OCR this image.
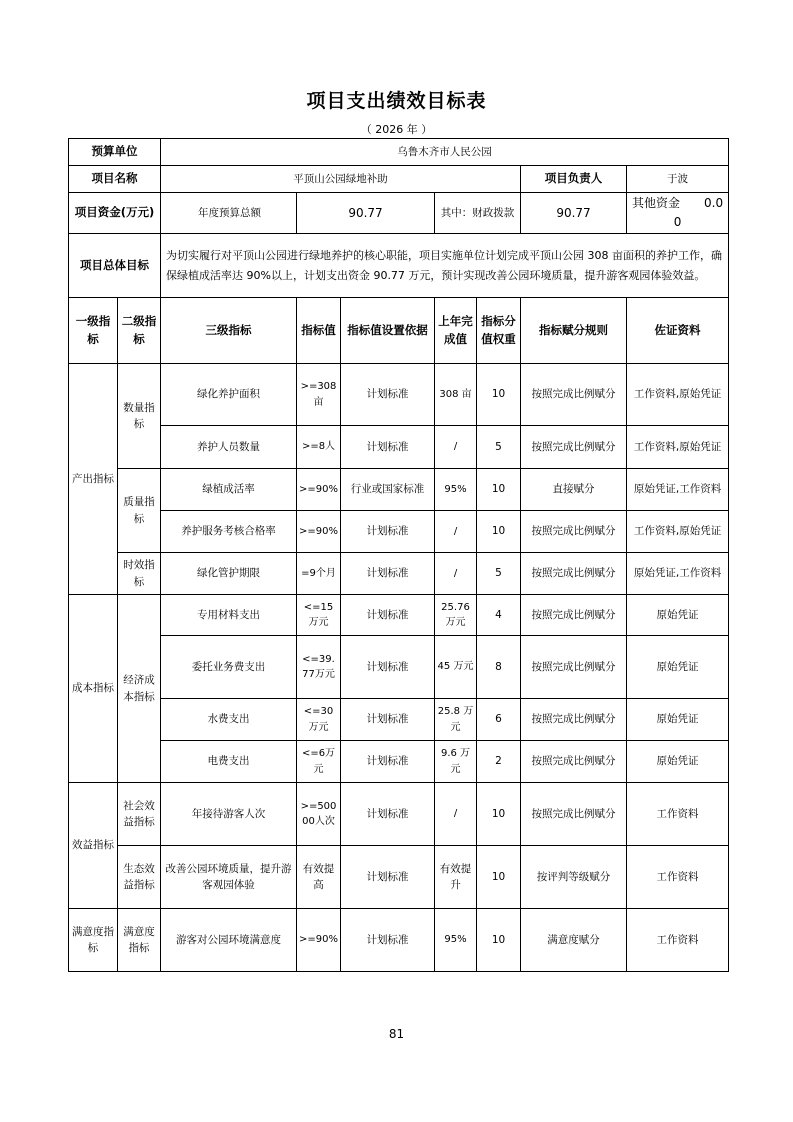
项目支出绩效目标表
（ 2026 年 ）
预算单位		乌鲁木齐市人民公园						
项目名称		平顶山公园绿地补助					项目负责人	于波
项目资金(万元)		年度预算总额	90.77		其中：财政拨款		90.77	其他资金   0.00
项目总体目标		为切实履行对平顶山公园进行绿地养护的核心职能，项目实施单位计划完成平顶山公园 308 亩面积的养护工作，确保绿植成活率达 90%以上，计划支出资金 90.77 万元，预计实现改善公园环境质量，提升游客观园体验效益。						
一级指标	二级指标	三级指标	指标值	指标值设置依据	上年完成值	指标分值权重	指标赋分规则	佐证资料
产出指标	数量指标	绿化养护面积	>=308亩	计划标准	308 亩	10	按照完成比例赋分	工作资料,原始凭证
		养护人员数量	>=8人	计划标准	/	5	按照完成比例赋分	工作资料,原始凭证
	质量指标	绿植成活率	>=90%	行业或国家标准	95%	10	直接赋分	原始凭证,工作资料
		养护服务考核合格率	>=90%	计划标准	/	10	按照完成比例赋分	工作资料,原始凭证
	时效指标	绿化管护期限	=9个月	计划标准	/	5	按照完成比例赋分	原始凭证,工作资料
成本指标	经济成本指标	专用材料支出	<=15万元	计划标准	25.76万元	4	按照完成比例赋分	原始凭证
		委托业务费支出	<=39.77万元	计划标准	45 万元	8	按照完成比例赋分	原始凭证
		水费支出	<=30万元	计划标准	25.8 万元	6	按照完成比例赋分	原始凭证
		电费支出	<=6万元	计划标准	9.6 万元	2	按照完成比例赋分	原始凭证
效益指标	社会效益指标	年接待游客人次	>=50000人次	计划标准	/	10	按照完成比例赋分	工作资料
	生态效益指标	改善公园环境质量，提升游客观园体验	有效提高	计划标准	有效提升	10	按评判等级赋分	工作资料
满意度指标	满意度指标	游客对公园环境满意度	>=90%	计划标准	95%	10	满意度赋分	工作资料
81
